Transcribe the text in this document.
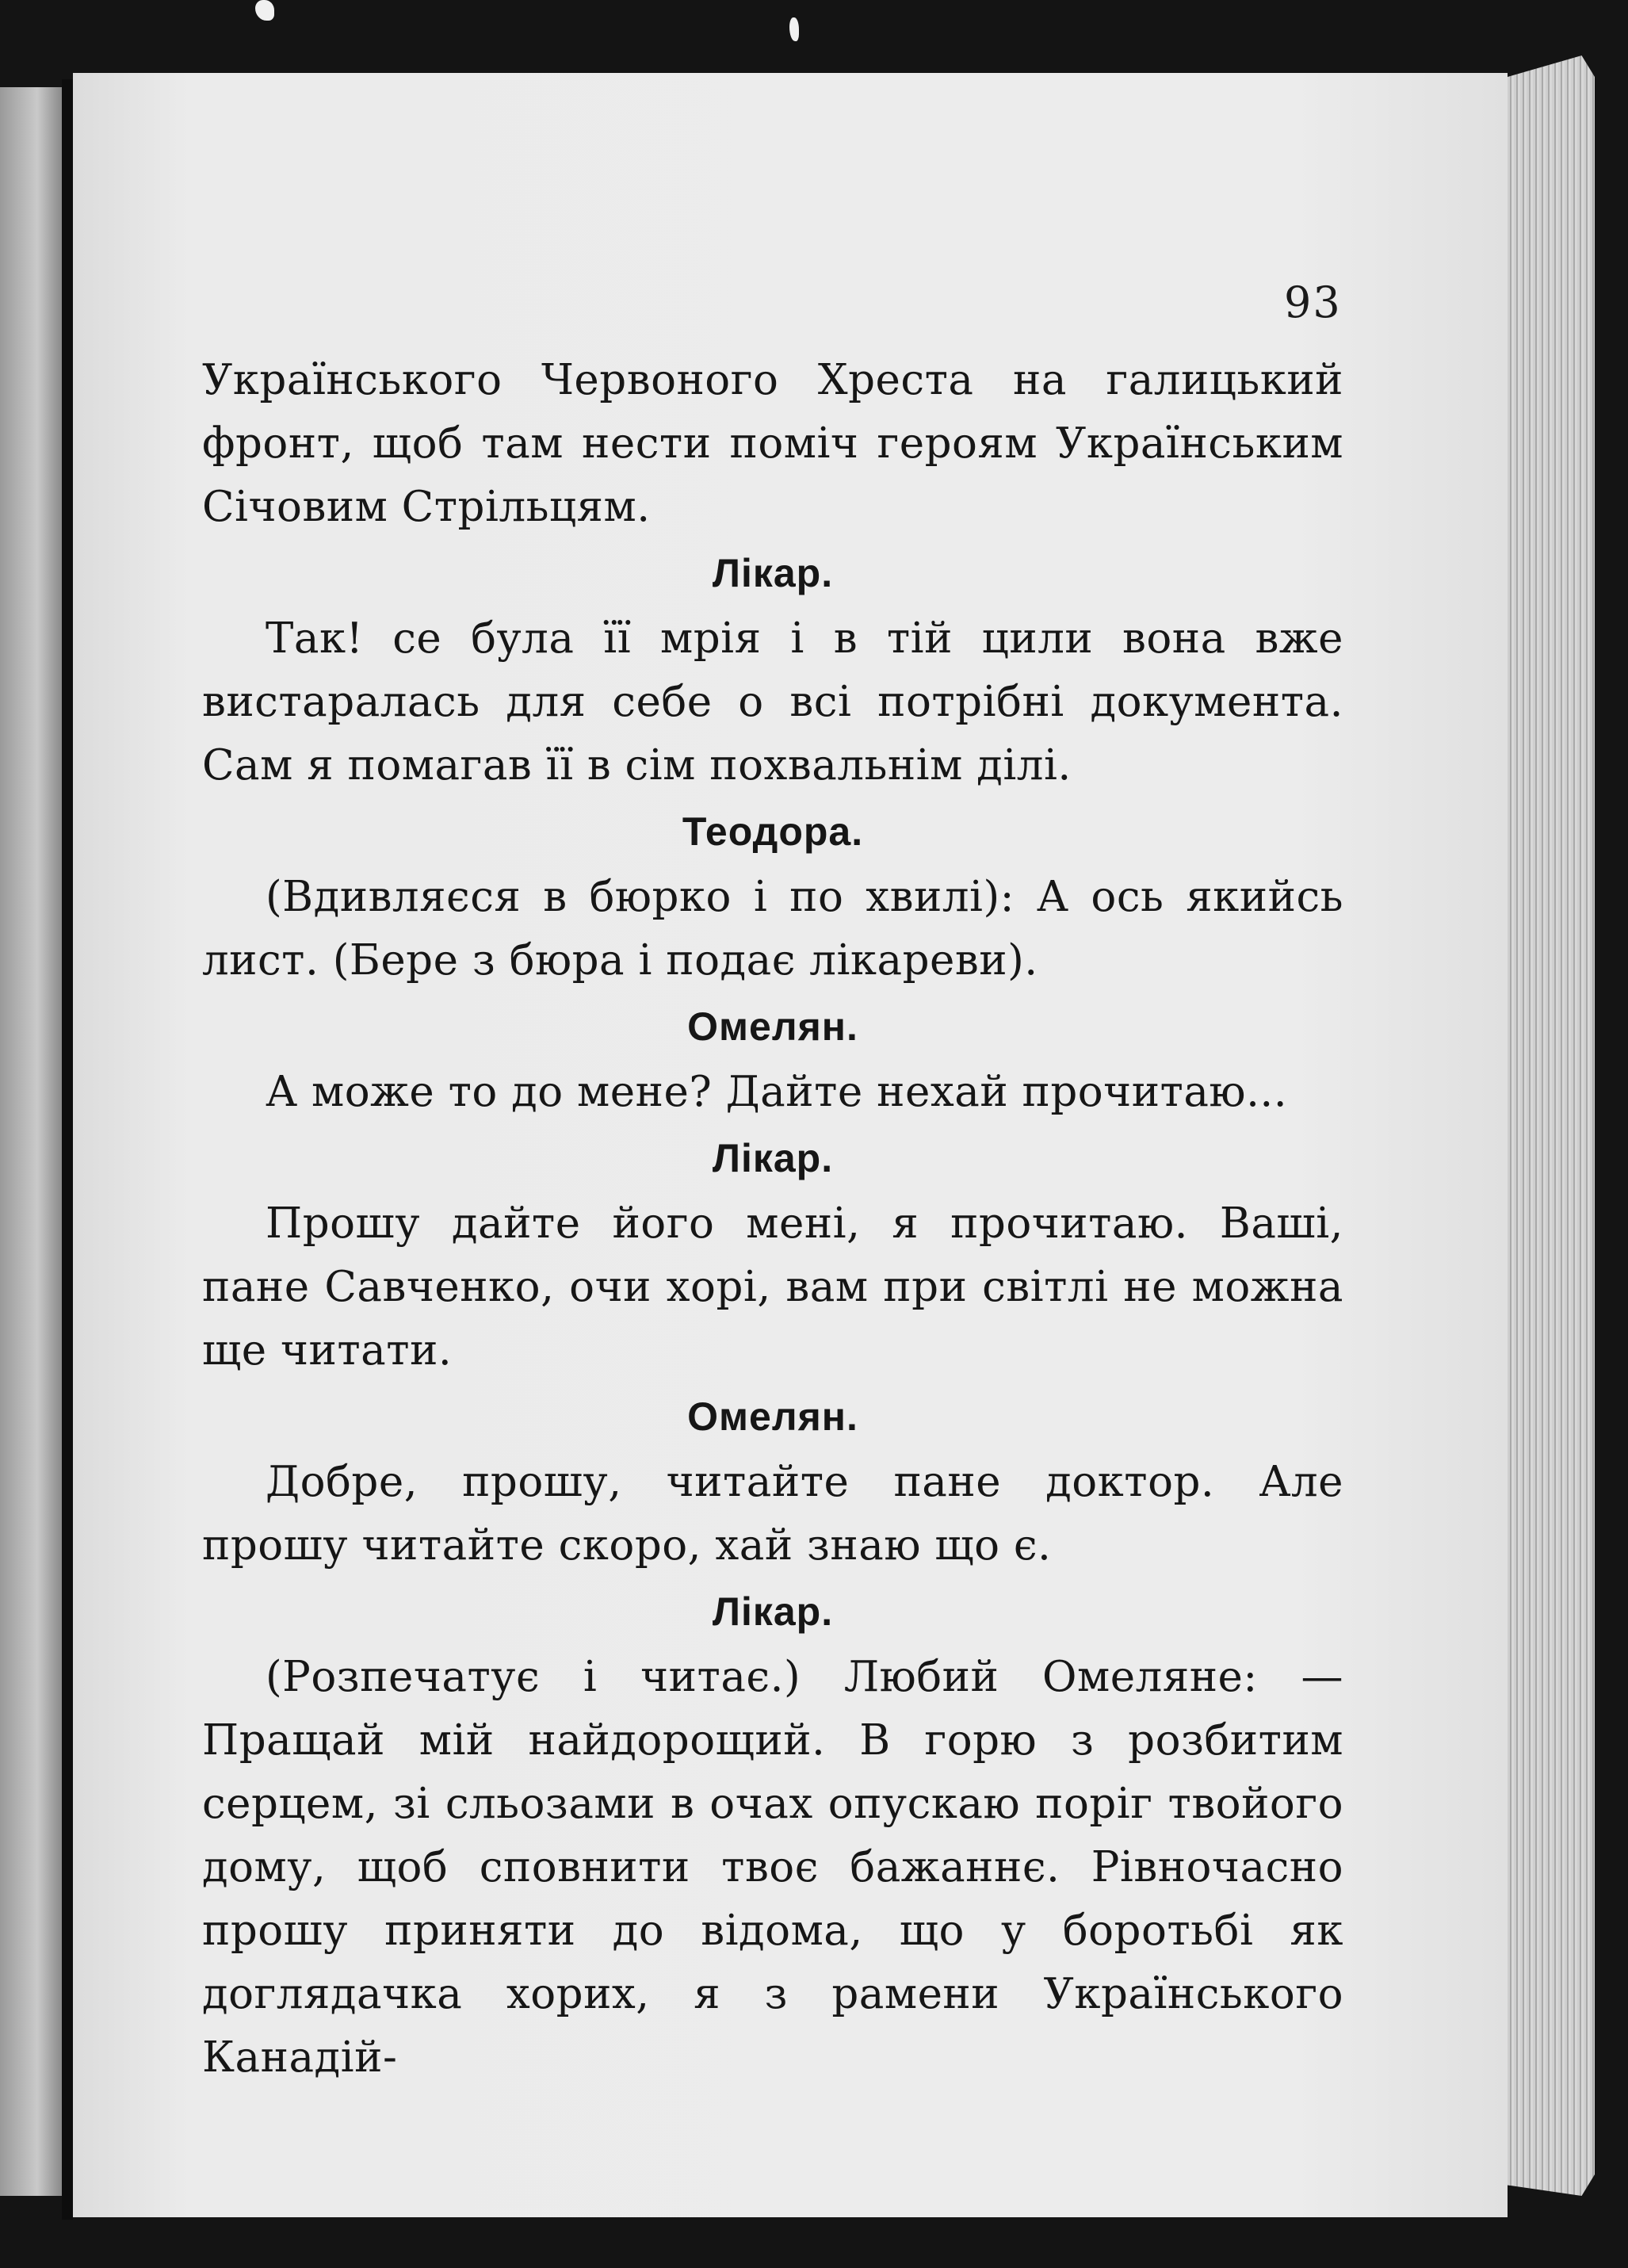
93

Українського Червоного Хреста на галицький фронт, щоб там нести поміч героям Українським Січовим Стрільцям.

Лікар.

Так! се була її мрія і в тій цили вона вже вистаралась для себе о всі потрібні документа. Сам я помагав її в сім похвальнім ділі.

Теодора.

(Вдивляєся в бюрко і по хвилі): А ось якийсь лист. (Бере з бюра і подає лікареви).

Омелян.

А може то до мене? Дайте нехай прочитаю...

Лікар.

Прошу дайте його мені, я прочитаю. Ваші, пане Савченко, очи хорі, вам при світлі не можна ще читати.

Омелян.

Добре, прошу, читайте пане доктор. Але прошу читайте скоро, хай знаю що є.

Лікар.

(Розпечатує і читає.) Любий Омеляне: — Пращай мій найдорощий. В горю з розбитим серцем, зі сльозами в очах опускаю поріг твойого дому, щоб сповнити твоє бажаннє. Рівночасно прошу приняти до відома, що у боротьбі як доглядачка хорих, я з рамени Українського Канадій-
